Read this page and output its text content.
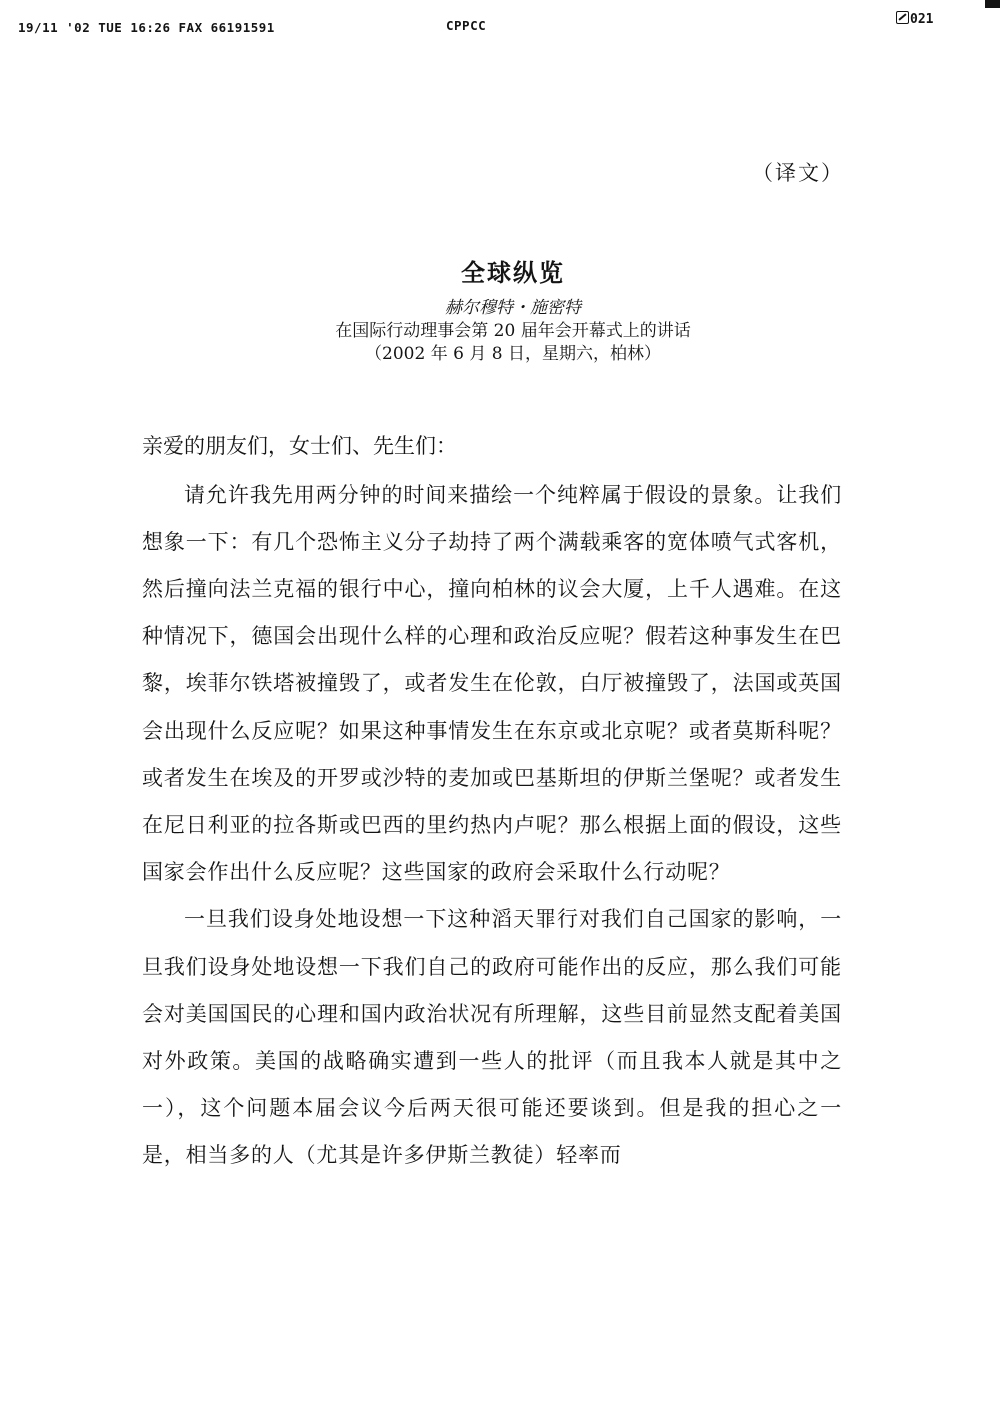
19/11 '02 TUE 16:26 FAX 66191591	CPPCC	021
（译文）
全球纵览
赫尔穆特・施密特
在国际行动理事会第 20 届年会开幕式上的讲话
（2002 年 6 月 8 日，星期六，柏林）

亲爱的朋友们，女士们、先生们：

请允许我先用两分钟的时间来描绘一个纯粹属于假设的景象。让我们想象一下：有几个恐怖主义分子劫持了两个满载乘客的宽体喷气式客机，然后撞向法兰克福的银行中心，撞向柏林的议会大厦，上千人遇难。在这种情况下，德国会出现什么样的心理和政治反应呢？假若这种事发生在巴黎，埃菲尔铁塔被撞毁了，或者发生在伦敦，白厅被撞毁了，法国或英国会出现什么反应呢？如果这种事情发生在东京或北京呢？或者莫斯科呢？或者发生在埃及的开罗或沙特的麦加或巴基斯坦的伊斯兰堡呢？或者发生在尼日利亚的拉各斯或巴西的里约热内卢呢？那么根据上面的假设，这些国家会作出什么反应呢？这些国家的政府会采取什么行动呢？

一旦我们设身处地设想一下这种滔天罪行对我们自己国家的影响，一旦我们设身处地设想一下我们自己的政府可能作出的反应，那么我们可能会对美国国民的心理和国内政治状况有所理解，这些目前显然支配着美国对外政策。美国的战略确实遭到一些人的批评（而且我本人就是其中之一），这个问题本届会议今后两天很可能还要谈到。但是我的担心之一是，相当多的人（尤其是许多伊斯兰教徒）轻率而
